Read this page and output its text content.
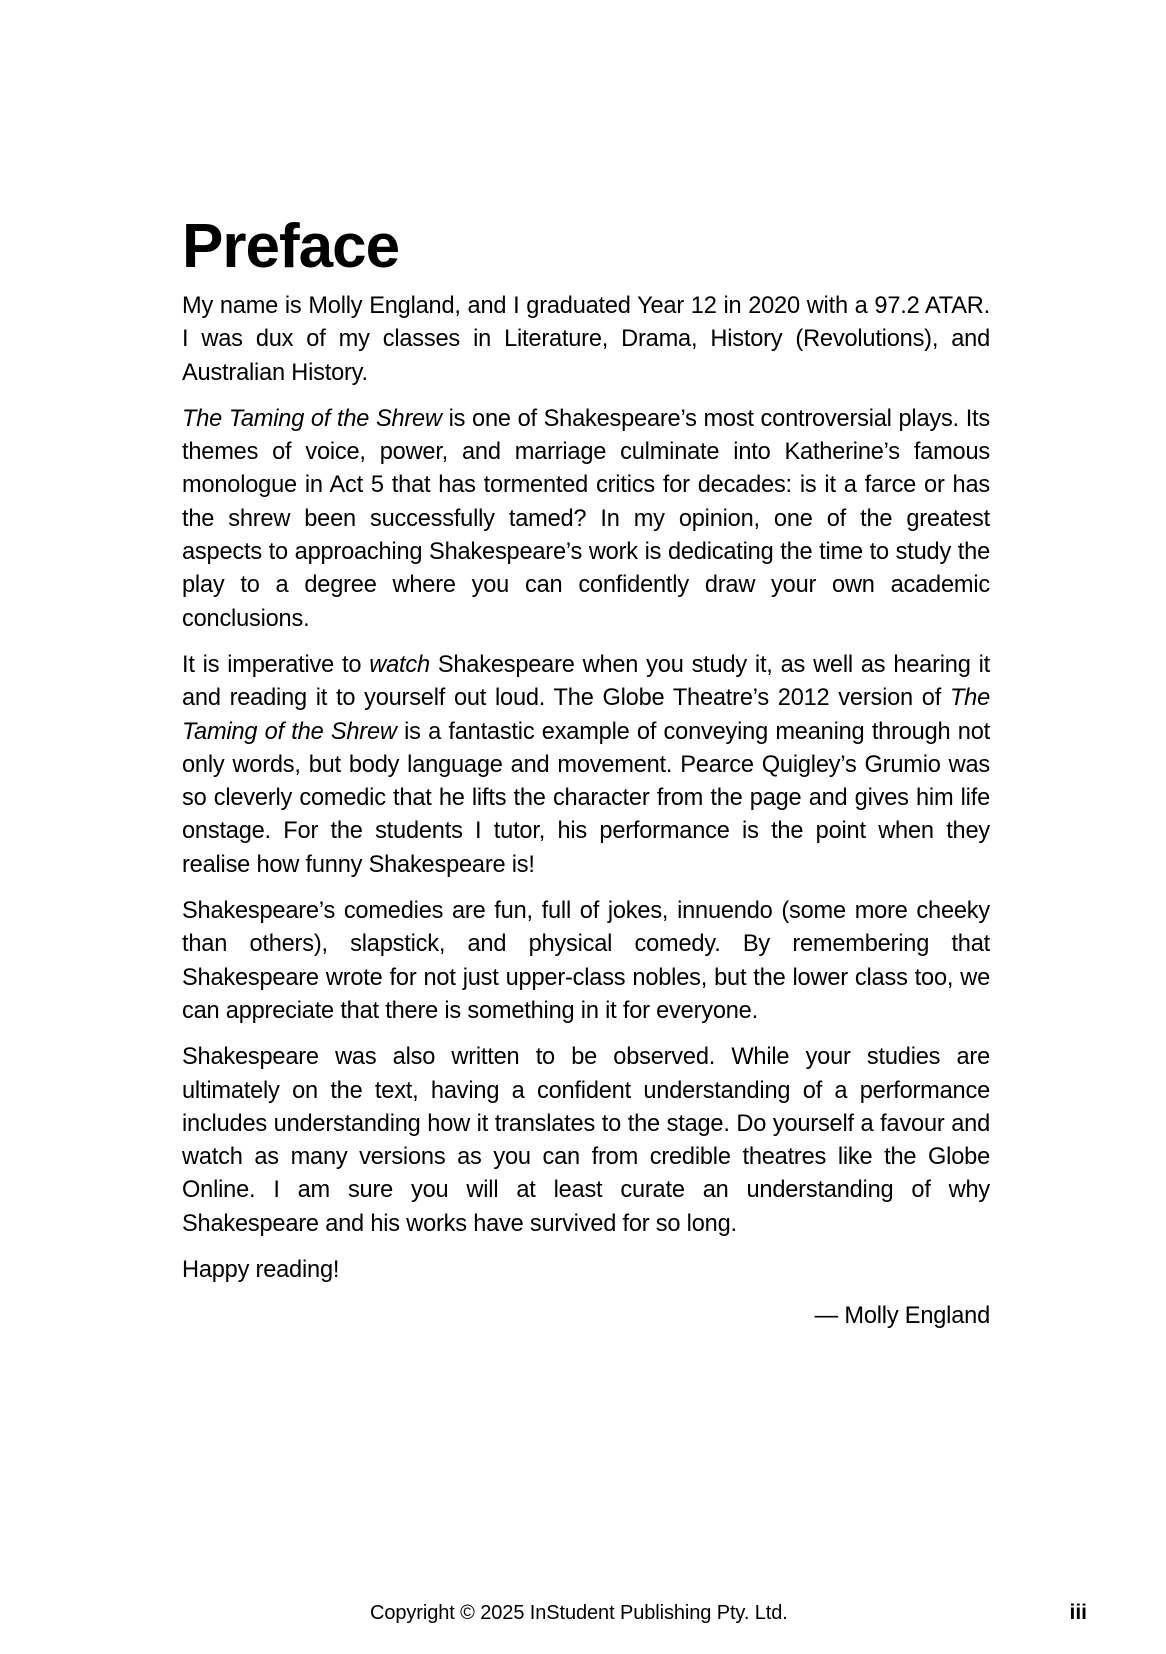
Preface

My name is Molly England, and I graduated Year 12 in 2020 with a 97.2 ATAR. I was dux of my classes in Literature, Drama, History (Revolutions), and Australian History.

The Taming of the Shrew is one of Shakespeare’s most controversial plays. Its themes of voice, power, and marriage culminate into Katherine’s famous monologue in Act 5 that has tormented critics for decades: is it a farce or has the shrew been successfully tamed? In my opinion, one of the greatest aspects to approaching Shakespeare’s work is dedicating the time to study the play to a degree where you can confidently draw your own academic conclusions.

It is imperative to watch Shakespeare when you study it, as well as hearing it and reading it to yourself out loud. The Globe Theatre’s 2012 version of The Taming of the Shrew is a fantastic example of conveying meaning through not only words, but body language and movement. Pearce Quigley’s Grumio was so cleverly comedic that he lifts the character from the page and gives him life onstage. For the students I tutor, his performance is the point when they realise how funny Shakespeare is!

Shakespeare’s comedies are fun, full of jokes, innuendo (some more cheeky than others), slapstick, and physical comedy. By remembering that Shakespeare wrote for not just upper-class nobles, but the lower class too, we can appreciate that there is something in it for everyone.

Shakespeare was also written to be observed. While your studies are ultimately on the text, having a confident understanding of a performance includes understanding how it translates to the stage. Do yourself a favour and watch as many versions as you can from credible theatres like the Globe Online. I am sure you will at least curate an understanding of why Shakespeare and his works have survived for so long.

Happy reading!

— Molly England

Copyright © 2025 InStudent Publishing Pty. Ltd.	iii
